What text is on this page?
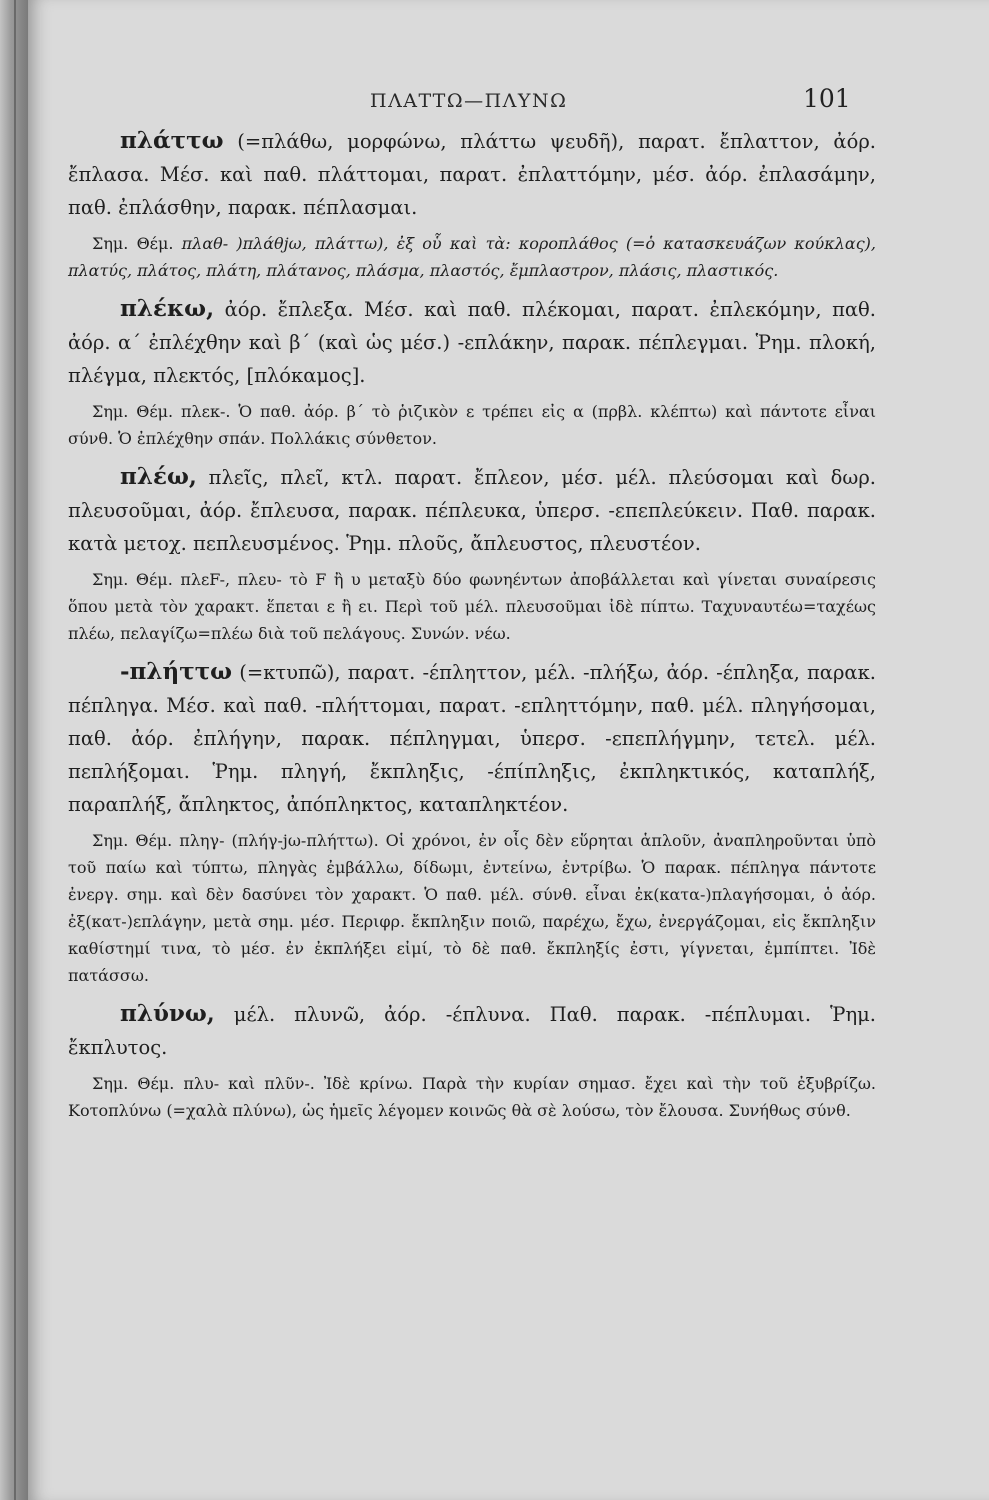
ΠΛΑΤΤΩ—ΠΛΥΝΩ	101

πλάττω (=πλάθω, μορφώνω, πλάττω ψευδῆ), παρατ. ἔπλαττον, ἀόρ. ἔπλασα. Μέσ. καὶ παθ. πλάττομαι, παρατ. ἐπλαττόμην, μέσ. ἀόρ. ἐπλασάμην, παθ. ἐπλάσθην, παρακ. πέπλασμαι.

Σημ. Θέμ. πλαθ- )πλάθjω, πλάττω), ἐξ οὗ καὶ τὰ: κοροπλάθος (=ὁ κατασκευάζων κούκλας), πλατύς, πλάτος, πλάτη, πλάτανος, πλάσμα, πλαστός, ἔμπλαστρον, πλάσις, πλαστικός.

πλέκω, ἀόρ. ἔπλεξα. Μέσ. καὶ παθ. πλέκομαι, παρατ. ἐπλεκόμην, παθ. ἀόρ. α΄ ἐπλέχθην καὶ β΄ (καὶ ὡς μέσ.) -επλάκην, παρακ. πέπλεγμαι. Ῥημ. πλοκή, πλέγμα, πλεκτός, [πλόκαμος].

Σημ. Θέμ. πλεκ-. Ὁ παθ. ἀόρ. β΄ τὸ ῥιζικὸν ε τρέπει εἰς α (πρβλ. κλέπτω) καὶ πάντοτε εἶναι σύνθ. Ὁ ἐπλέχθην σπάν. Πολλάκις σύνθετον.

πλέω, πλεῖς, πλεῖ, κτλ. παρατ. ἔπλεον, μέσ. μέλ. πλεύσομαι καὶ δωρ. πλευσοῦμαι, ἀόρ. ἔπλευσα, παρακ. πέπλευκα, ὑπερσ. -επεπλεύκειν. Παθ. παρακ. κατὰ μετοχ. πεπλευσμένος. Ῥημ. πλοῦς, ἄπλευστος, πλευστέον.

Σημ. Θέμ. πλεF-, πλευ- τὸ F ἢ υ μεταξὺ δύο φωνηέντων ἀποβάλλεται καὶ γίνεται συναίρεσις ὅπου μετὰ τὸν χαρακτ. ἕπεται ε ἢ ει. Περὶ τοῦ μέλ. πλευσοῦμαι ἰδὲ πίπτω. Ταχυναυτέω=ταχέως πλέω, πελαγίζω=πλέω διὰ τοῦ πελάγους. Συνών. νέω.

-πλήττω (=κτυπῶ), παρατ. -έπληττον, μέλ. -πλήξω, ἀόρ. -έπληξα, παρακ. πέπληγα. Μέσ. καὶ παθ. -πλήττομαι, παρατ. -επληττόμην, παθ. μέλ. πληγήσομαι, παθ. ἀόρ. ἐπλήγην, παρακ. πέπληγμαι, ὑπερσ. -επεπλήγμην, τετελ. μέλ. πεπλήξομαι. Ῥημ. πληγή, ἔκπληξις, -έπίπληξις, ἐκπληκτικός, καταπλήξ, παραπλήξ, ἄπληκτος, ἀπόπληκτος, καταπληκτέον.

Σημ. Θέμ. πληγ- (πλήγ-jω-πλήττω). Οἱ χρόνοι, ἐν οἷς δὲν εὕρηται ἁπλοῦν, ἀναπληροῦνται ὑπὸ τοῦ παίω καὶ τύπτω, πληγὰς ἐμβάλλω, δίδωμι, ἐντείνω, ἐντρίβω. Ὁ παρακ. πέπληγα πάντοτε ἐνεργ. σημ. καὶ δὲν δασύνει τὸν χαρακτ. Ὁ παθ. μέλ. σύνθ. εἶναι ἐκ(κατα-)πλαγήσομαι, ὁ ἀόρ. ἐξ(κατ-)επλάγην, μετὰ σημ. μέσ. Περιφρ. ἔκπληξιν ποιῶ, παρέχω, ἔχω, ἐνεργάζομαι, εἰς ἔκπληξιν καθίστημί τινα, τὸ μέσ. ἐν ἐκπλήξει εἰμί, τὸ δὲ παθ. ἔκπληξίς ἐστι, γίγνεται, ἐμπίπτει. Ἰδὲ πατάσσω.

πλύνω, μέλ. πλυνῶ, ἀόρ. -έπλυνα. Παθ. παρακ. -πέπλυμαι. Ῥημ. ἔκπλυτος.

Σημ. Θέμ. πλυ- καὶ πλῦν-. Ἰδὲ κρίνω. Παρὰ τὴν κυρίαν σημασ. ἔχει καὶ τὴν τοῦ ἐξυβρίζω. Κοτοπλύνω (=χαλὰ πλύνω), ὡς ἡμεῖς λέγομεν κοινῶς θὰ σὲ λούσω, τὸν ἔλουσα. Συνήθως σύνθ.
